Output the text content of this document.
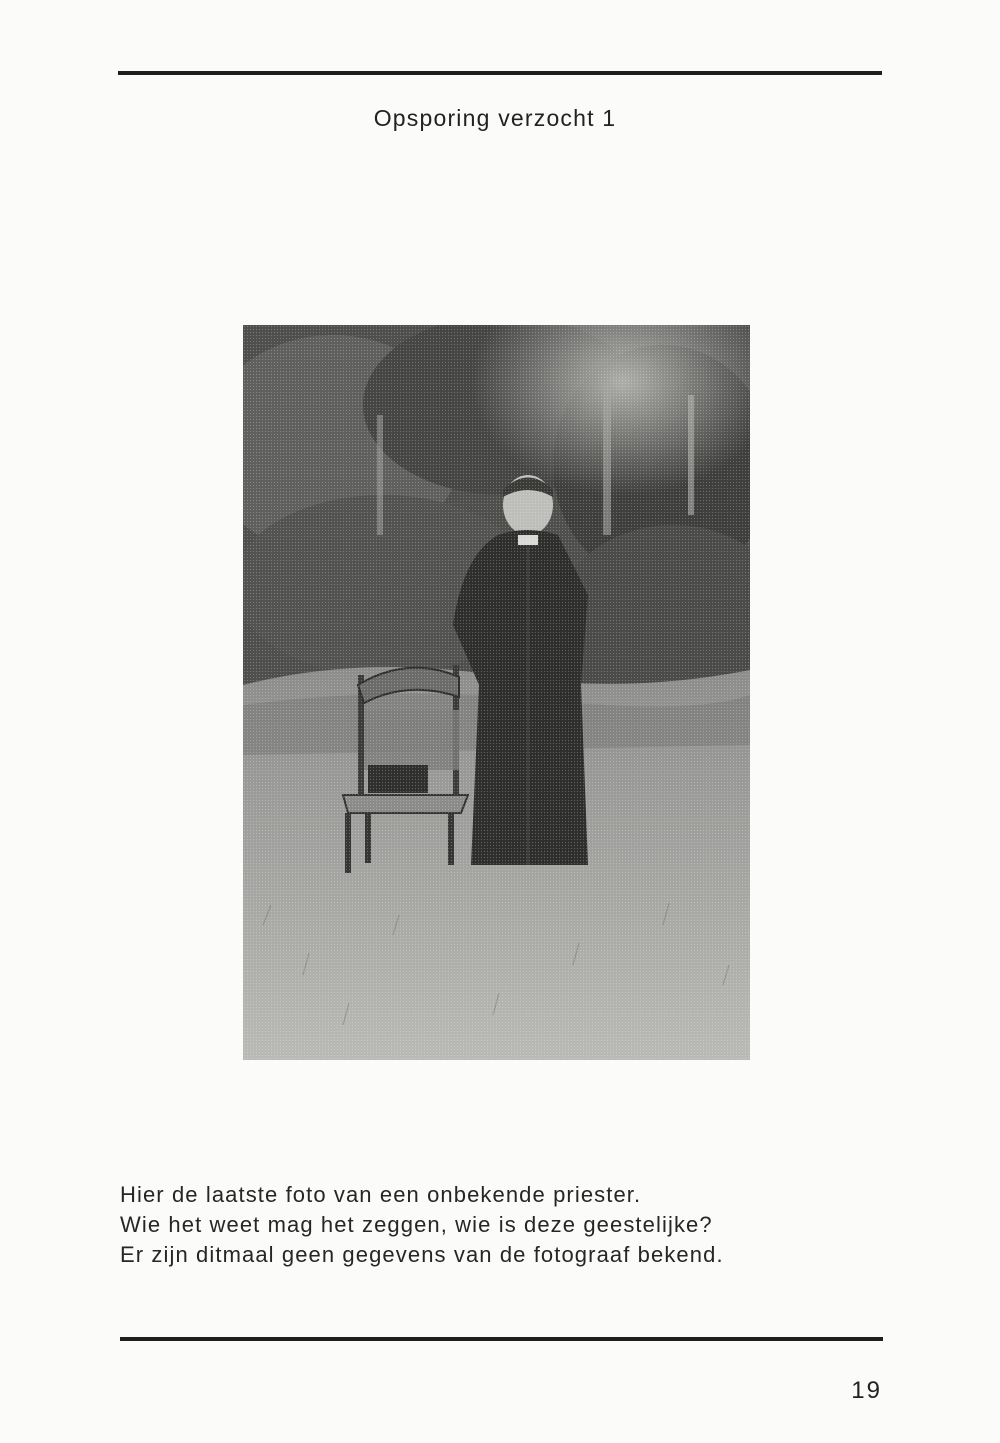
Opsporing verzocht 1
Hier de laatste foto van een onbekende priester.
Wie het weet mag het zeggen, wie is deze geestelijke?
Er zijn ditmaal geen gegevens van de fotograaf bekend.
19
